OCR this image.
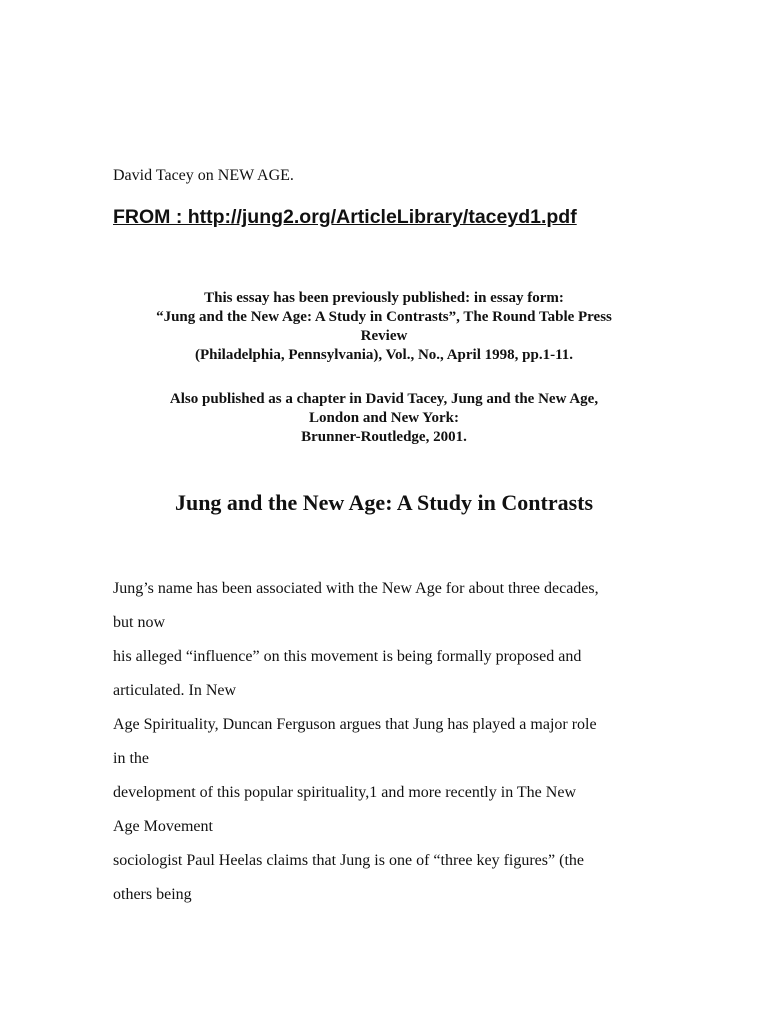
David Tacey on NEW AGE.
FROM : http://jung2.org/ArticleLibrary/taceyd1.pdf
This essay has been previously published: in essay form:
“Jung and the New Age: A Study in Contrasts”, The Round Table Press
Review
(Philadelphia, Pennsylvania), Vol., No., April 1998, pp.1-11.
Also published as a chapter in David Tacey, Jung and the New Age,
London and New York:
Brunner-Routledge, 2001.
Jung and the New Age: A Study in Contrasts
Jung’s name has been associated with the New Age for about three decades,
but now
his alleged “influence” on this movement is being formally proposed and
articulated. In New
Age Spirituality, Duncan Ferguson argues that Jung has played a major role
in the
development of this popular spirituality,1 and more recently in The New
Age Movement
sociologist Paul Heelas claims that Jung is one of “three key figures” (the
others being
